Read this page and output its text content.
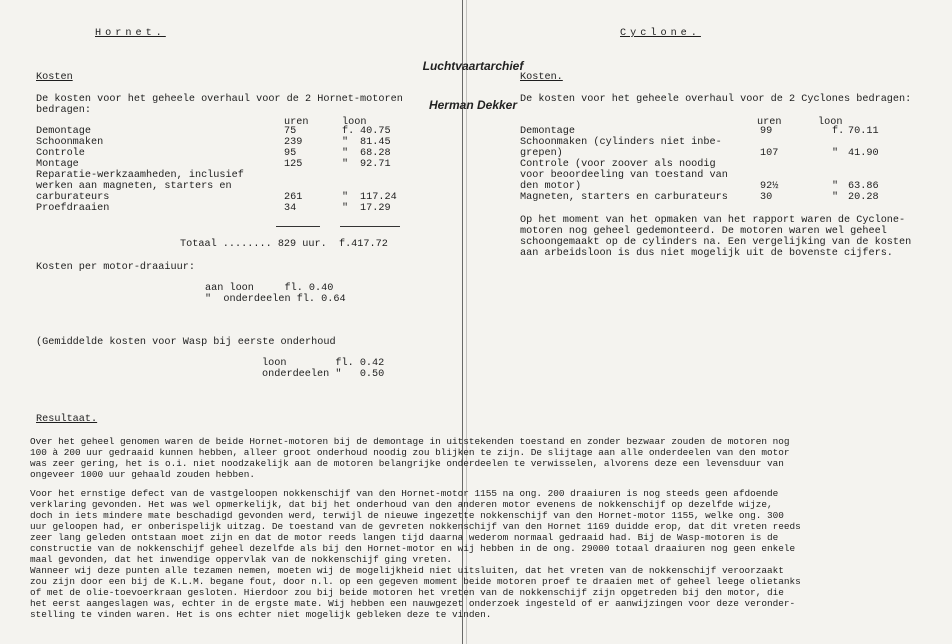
Luchtvaartarchief

Herman Dekker

Hornet.
Kosten
De kosten voor het geheele overhaul voor de 2 Hornet-motoren
bedragen:
uren	loon
Demontage	75	f. 40.75
Schoonmaken	239	" 81.45
Controle	95	" 68.28
Montage	125	" 92.71
Reparatie-werkzaamheden, inclusief
werken aan magneten, starters en
carburateurs	261	" 117.24
Proefdraaien	34	" 17.29
Totaal ........ 829 uur.  f.417.72
Kosten per motor-draaiuur:
aan loon     fl. 0.40
"  onderdeelen fl. 0.64
(Gemiddelde kosten voor Wasp bij eerste onderhoud
loon        fl. 0.42
onderdeelen "   0.50
Cyclone.
Kosten.
De kosten voor het geheele overhaul voor de 2 Cyclones bedragen:
uren	loon
Demontage	99	f. 70.11
Schoonmaken (cylinders niet inbe-
grepen)	107	" 41.90
Controle (voor zoover als noodig
voor beoordeeling van toestand van
den motor)	92½	" 63.86
Magneten, starters en carburateurs	30	" 20.28
Op het moment van het opmaken van het rapport waren de Cyclone-
motoren nog geheel gedemonteerd. De motoren waren wel geheel
schoongemaakt op de cylinders na. Een vergelijking van de kosten
aan arbeidsloon is dus niet mogelijk uit de bovenste cijfers.
Resultaat.
Over het geheel genomen waren de beide Hornet-motoren bij de demontage in uitstekenden toestand en zonder bezwaar zouden de motoren nog
100 à 200 uur gedraaid kunnen hebben, alleer groot onderhoud noodig zou blijken te zijn. De slijtage aan alle onderdeelen van den motor
was zeer gering, het is o.i. niet noodzakelijk aan de motoren belangrijke onderdeelen te verwisselen, alvorens deze een levensduur van
ongeveer 1000 uur gehaald zouden hebben.
Voor het ernstige defect van de vastgeloopen nokkenschijf van den Hornet-motor 1155 na ong. 200 draaiuren is nog steeds geen afdoende
verklaring gevonden. Het was wel opmerkelijk, dat bij het onderhoud van den anderen motor evenens de nokkenschijf op dezelfde wijze,
doch in iets mindere mate beschadigd gevonden werd, terwijl de nieuwe ingezette nokkenschijf van den Hornet-motor 1155, welke ong. 300
uur geloopen had, er onberispelijk uitzag. De toestand van de gevreten nokkenschijf van den Hornet 1169 duidde erop, dat dit vreten reeds
zeer lang geleden ontstaan moet zijn en dat de motor reeds langen tijd daarna wederom normaal gedraaid had. Bij de Wasp-motoren is de
constructie van de nokkenschijf geheel dezelfde als bij den Hornet-motor en wij hebben in de ong. 29000 totaal draaiuren nog geen enkele
maal gevonden, dat het inwendige oppervlak van de nokkenschijf ging vreten.
Wanneer wij deze punten alle tezamen nemen, moeten wij de mogelijkheid niet uitsluiten, dat het vreten van de nokkenschijf veroorzaakt
zou zijn door een bij de K.L.M. begane fout, door n.l. op een gegeven moment beide motoren proef te draaien met of geheel leege olietanks
of met de olie-toevoerkraan gesloten. Hierdoor zou bij beide motoren het vreten van de nokkenschijf zijn opgetreden bij den motor, die
het eerst aangeslagen was, echter in de ergste mate. Wij hebben een nauwgezet onderzoek ingesteld of er aanwijzingen voor deze veronder-
stelling te vinden waren. Het is ons echter niet mogelijk gebleken deze te vinden.
